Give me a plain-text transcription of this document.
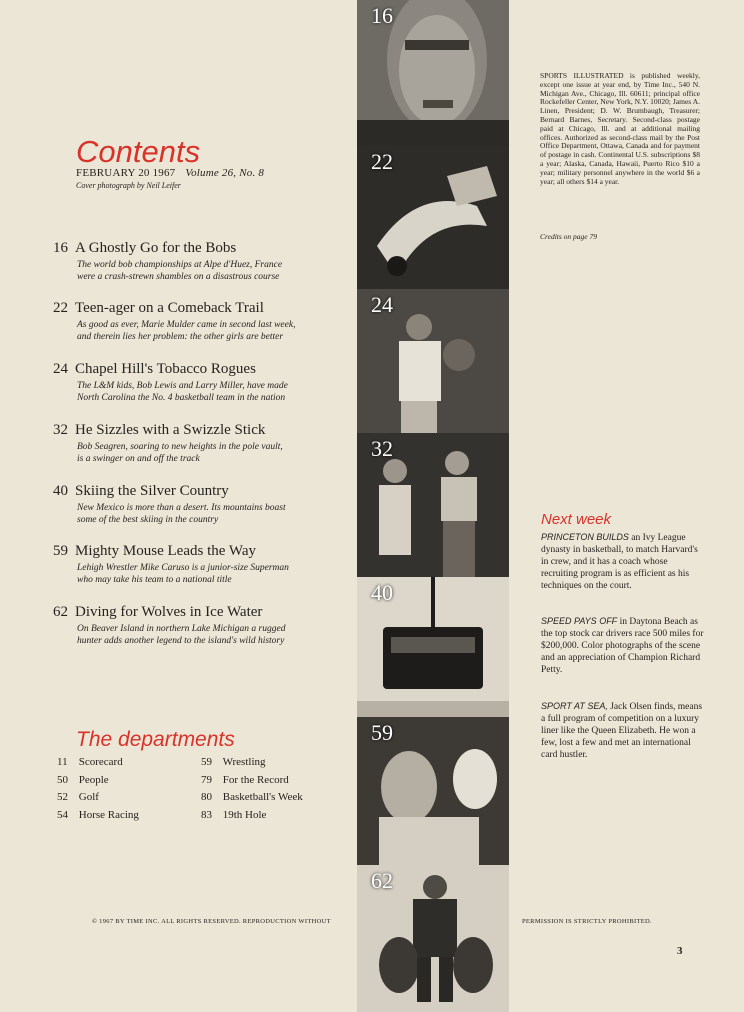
Contents
FEBRUARY 20 1967 Volume 26, No. 8
Cover photograph by Neil Leifer
16 A Ghostly Go for the Bobs
The world bob championships at Alpe d'Huez, France
were a crash-strewn shambles on a disastrous course
22 Teen-ager on a Comeback Trail
As good as ever, Marie Mulder came in second last week,
and therein lies her problem: the other girls are better
24 Chapel Hill's Tobacco Rogues
The L&M kids, Bob Lewis and Larry Miller, have made
North Carolina the No. 4 basketball team in the nation
32 He Sizzles with a Swizzle Stick
Bob Seagren, soaring to new heights in the pole vault,
is a swinger on and off the track
40 Skiing the Silver Country
New Mexico is more than a desert. Its mountains boast
some of the best skiing in the country
59 Mighty Mouse Leads the Way
Lehigh Wrestler Mike Caruso is a junior-size Superman
who may take his team to a national title
62 Diving for Wolves in Ice Water
On Beaver Island in northern Lake Michigan a rugged
hunter adds another legend to the island's wild history
The departments
11 Scorecard
50 People
52 Golf
54 Horse Racing
59 Wrestling
79 For the Record
80 Basketball's Week
83 19th Hole
16
22
24
32
40
59
62
SPORTS ILLUSTRATED is published weekly, except one issue at year end, by Time Inc., 540 N. Michigan Ave., Chicago, Ill. 60611; principal office Rockefeller Center, New York, N.Y. 10020; James A. Linen, President; D. W. Brumbaugh, Treasurer; Bernard Barnes, Secretary. Second-class postage paid at Chicago, Ill. and at additional mailing offices. Authorized as second-class mail by the Post Office Department, Ottawa, Canada and for payment of postage in cash. Continental U.S. subscriptions $8 a year; Alaska, Canada, Hawaii, Puerto Rico $10 a year; military personnel anywhere in the world $6 a year; all others $14 a year.
Credits on page 79
Next week
PRINCETON BUILDS an Ivy League dynasty in basketball, to match Harvard's in crew, and it has a coach whose recruiting program is as efficient as his techniques on the court.
SPEED PAYS OFF in Daytona Beach as the top stock car drivers race 500 miles for $200,000. Color photographs of the scene and an appreciation of Champion Richard Petty.
SPORT AT SEA, Jack Olsen finds, means a full program of competition on a luxury liner like the Queen Elizabeth. He won a few, lost a few and met an international card hustler.
© 1967 BY TIME INC. ALL RIGHTS RESERVED. REPRODUCTION WITHOUT	PERMISSION IS STRICTLY PROHIBITED.
3
